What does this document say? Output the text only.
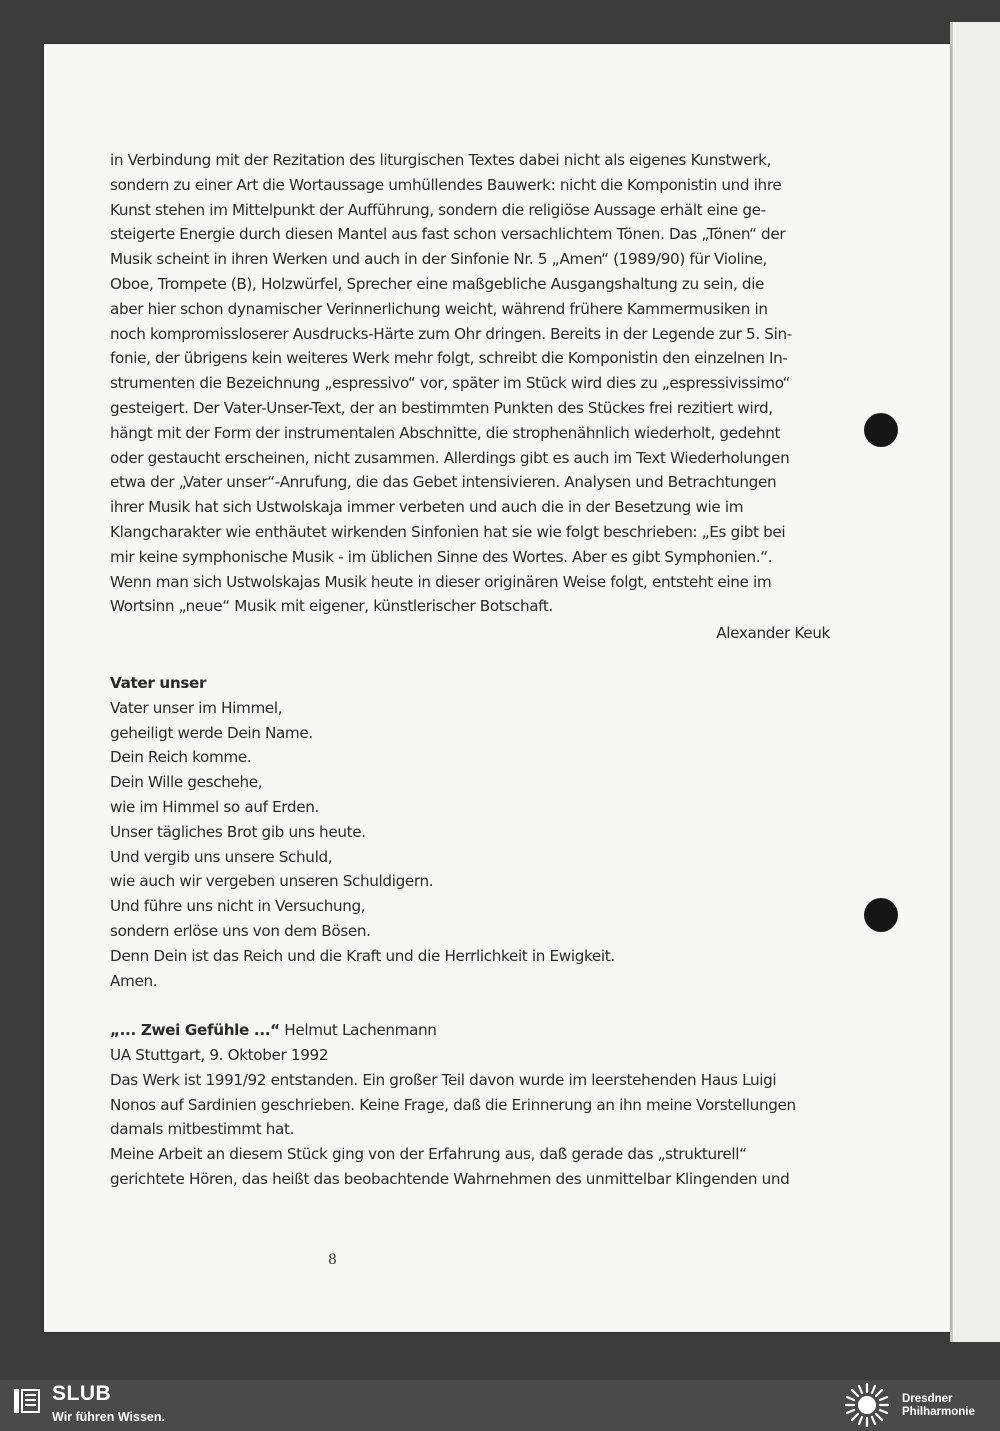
in Verbindung mit der Rezitation des liturgischen Textes dabei nicht als eigenes Kunstwerk,

sondern zu einer Art die Wortaussage umhüllendes Bauwerk: nicht die Komponistin und ihre

Kunst stehen im Mittelpunkt der Aufführung, sondern die religiöse Aussage erhält eine ge-

steigerte Energie durch diesen Mantel aus fast schon versachlichtem Tönen. Das „Tönen“ der

Musik scheint in ihren Werken und auch in der Sinfonie Nr. 5 „Amen“ (1989/90) für Violine,

Oboe, Trompete (B), Holzwürfel, Sprecher eine maßgebliche Ausgangshaltung zu sein, die

aber hier schon dynamischer Verinnerlichung weicht, während frühere Kammermusiken in

noch kompromissloserer Ausdrucks-Härte zum Ohr dringen. Bereits in der Legende zur 5. Sin-

fonie, der übrigens kein weiteres Werk mehr folgt, schreibt die Komponistin den einzelnen In-

strumenten die Bezeichnung „espressivo“ vor, später im Stück wird dies zu „espressivissimo“

gesteigert. Der Vater-Unser-Text, der an bestimmten Punkten des Stückes frei rezitiert wird,

hängt mit der Form der instrumentalen Abschnitte, die strophenähnlich wiederholt, gedehnt

oder gestaucht erscheinen, nicht zusammen. Allerdings gibt es auch im Text Wiederholungen

etwa der „Vater unser“-Anrufung, die das Gebet intensivieren. Analysen und Betrachtungen

ihrer Musik hat sich Ustwolskaja immer verbeten und auch die in der Besetzung wie im

Klangcharakter wie enthäutet wirkenden Sinfonien hat sie wie folgt beschrieben: „Es gibt bei

mir keine symphonische Musik - im üblichen Sinne des Wortes. Aber es gibt Symphonien.“.

Wenn man sich Ustwolskajas Musik heute in dieser originären Weise folgt, entsteht eine im

Wortsinn „neue“ Musik mit eigener, künstlerischer Botschaft.

Alexander Keuk

Vater unser

Vater unser im Himmel,

geheiligt werde Dein Name.

Dein Reich komme.

Dein Wille geschehe,

wie im Himmel so auf Erden.

Unser tägliches Brot gib uns heute.

Und vergib uns unsere Schuld,

wie auch wir vergeben unseren Schuldigern.

Und führe uns nicht in Versuchung,

sondern erlöse uns von dem Bösen.

Denn Dein ist das Reich und die Kraft und die Herrlichkeit in Ewigkeit.

Amen.

„... Zwei Gefühle ...“ Helmut Lachenmann

UA Stuttgart, 9. Oktober 1992

Das Werk ist 1991/92 entstanden. Ein großer Teil davon wurde im leerstehenden Haus Luigi

Nonos auf Sardinien geschrieben. Keine Frage, daß die Erinnerung an ihn meine Vorstellungen

damals mitbestimmt hat.

Meine Arbeit an diesem Stück ging von der Erfahrung aus, daß gerade das „strukturell“

gerichtete Hören, das heißt das beobachtende Wahrnehmen des unmittelbar Klingenden und

8
SLUB
Wir führen Wissen.
Dresdner
Philharmonie
